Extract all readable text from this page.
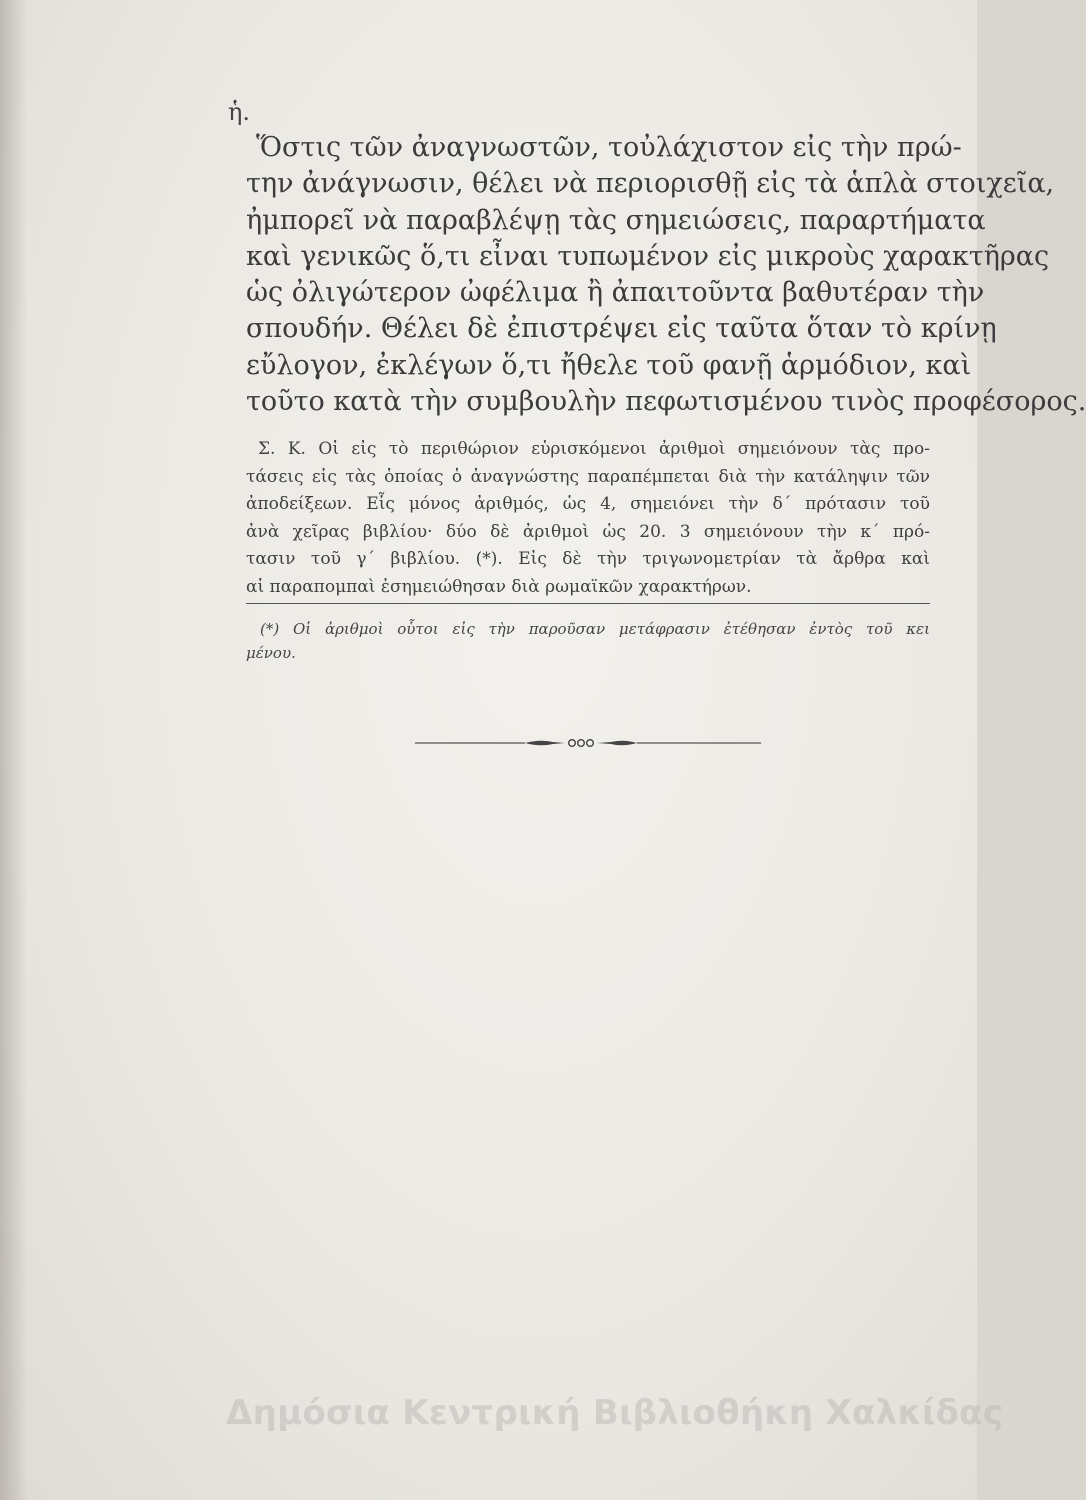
ἡ.
Ὅστις τῶν ἀναγνωστῶν, τοὐλάχιστον εἰς τὴν πρώ-
την ἀνάγνωσιν, θέλει νὰ περιορισθῇ εἰς τὰ ἁπλὰ στοιχεῖα,
ἠμπορεῖ νὰ παραβλέψῃ τὰς σημειώσεις, παραρτήματα
καὶ γενικῶς ὅ,τι εἶναι τυπωμένον εἰς μικροὺς χαρακτῆρας
ὡς ὀλιγώτερον ὠφέλιμα ἢ ἀπαιτοῦντα βαθυτέραν τὴν
σπουδήν. Θέλει δὲ ἐπιστρέψει εἰς ταῦτα ὅταν τὸ κρίνῃ
εὔλογον, ἐκλέγων ὅ,τι ἤθελε τοῦ φανῇ ἁρμόδιον, καὶ
τοῦτο κατὰ τὴν συμβουλὴν πεφωτισμένου τινὸς προφέσορος.
Σ. Κ. Οἱ εἰς τὸ περιθώριον εὑρισκόμενοι ἀριθμοὶ σημειόνουν τὰς προ-
τάσεις εἰς τὰς ὁποίας ὁ ἀναγνώστης παραπέμπεται διὰ τὴν κατάληψιν τῶν
ἀποδείξεων. Εἷς μόνος ἀριθμός, ὡς 4, σημειόνει τὴν δ΄ πρότασιν τοῦ
ἀνὰ χεῖρας βιβλίου· δύο δὲ ἀριθμοὶ ὡς 20. 3 σημειόνουν τὴν κ΄ πρό-
τασιν τοῦ γ΄ βιβλίου. (*). Εἰς δὲ τὴν τριγωνομετρίαν τὰ ἄρθρα καὶ
αἱ παραπομπαὶ ἐσημειώθησαν διὰ ρωμαϊκῶν χαρακτήρων.
(*) Οἱ ἀριθμοὶ οὗτοι εἰς τὴν παροῦσαν μετάφρασιν ἐτέθησαν ἐντὸς τοῦ κει
μένου.
Δημόσια Κεντρική Βιβλιοθήκη Χαλκίδας
